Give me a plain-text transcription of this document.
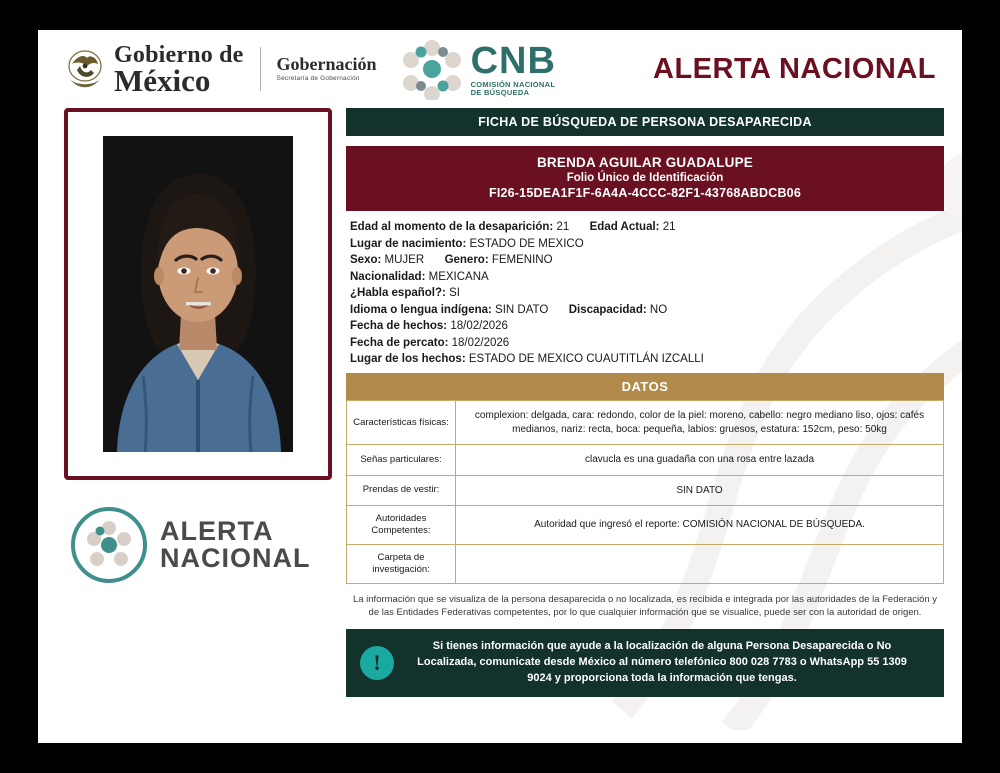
Gobierno de
México	Gobernación
Secretaría de Gobernación	CNB
COMISIÓN NACIONAL
DE BÚSQUEDA
ALERTA NACIONAL
ALERTA
NACIONAL
FICHA DE BÚSQUEDA DE PERSONA DESAPARECIDA
BRENDA AGUILAR GUADALUPE
Folio Único de Identificación
FI26-15DEA1F1F-6A4A-4CCC-82F1-43768ABDCB06
Edad al momento de la desaparición: 21 Edad Actual: 21
Lugar de nacimiento: ESTADO DE MEXICO
Sexo: MUJER Genero: FEMENINO
Nacionalidad: MEXICANA
¿Habla español?: SI
Idioma o lengua indígena: SIN DATO Discapacidad: NO
Fecha de hechos: 18/02/2026
Fecha de percato: 18/02/2026
Lugar de los hechos: ESTADO DE MEXICO CUAUTITLÁN IZCALLI
DATOS
Características físicas:	complexion: delgada, cara: redondo, color de la piel: moreno, cabello: negro mediano liso, ojos: cafés medianos, nariz: recta, boca: pequeña, labios: gruesos, estatura: 152cm, peso: 50kg
Señas particulares:	clavucla es una guadaña con una rosa entre lazada
Prendas de vestir:	SIN DATO
Autoridades Competentes:	Autoridad que ingresó el reporte: COMISIÓN NACIONAL DE BÚSQUEDA.
Carpeta de investigación:	
La información que se visualiza de la persona desaparecida o no localizada, es recibida e integrada por las autoridades de la Federación y de las Entidades Federativas competentes, por lo que cualquier información que se visualice, puede ser con la autoridad de origen.
!
Si tienes información que ayude a la localización de alguna Persona Desaparecida o No Localizada, comunicate desde México al número telefónico 800 028 7783 o WhatsApp 55 1309 9024 y proporciona toda la información que tengas.
